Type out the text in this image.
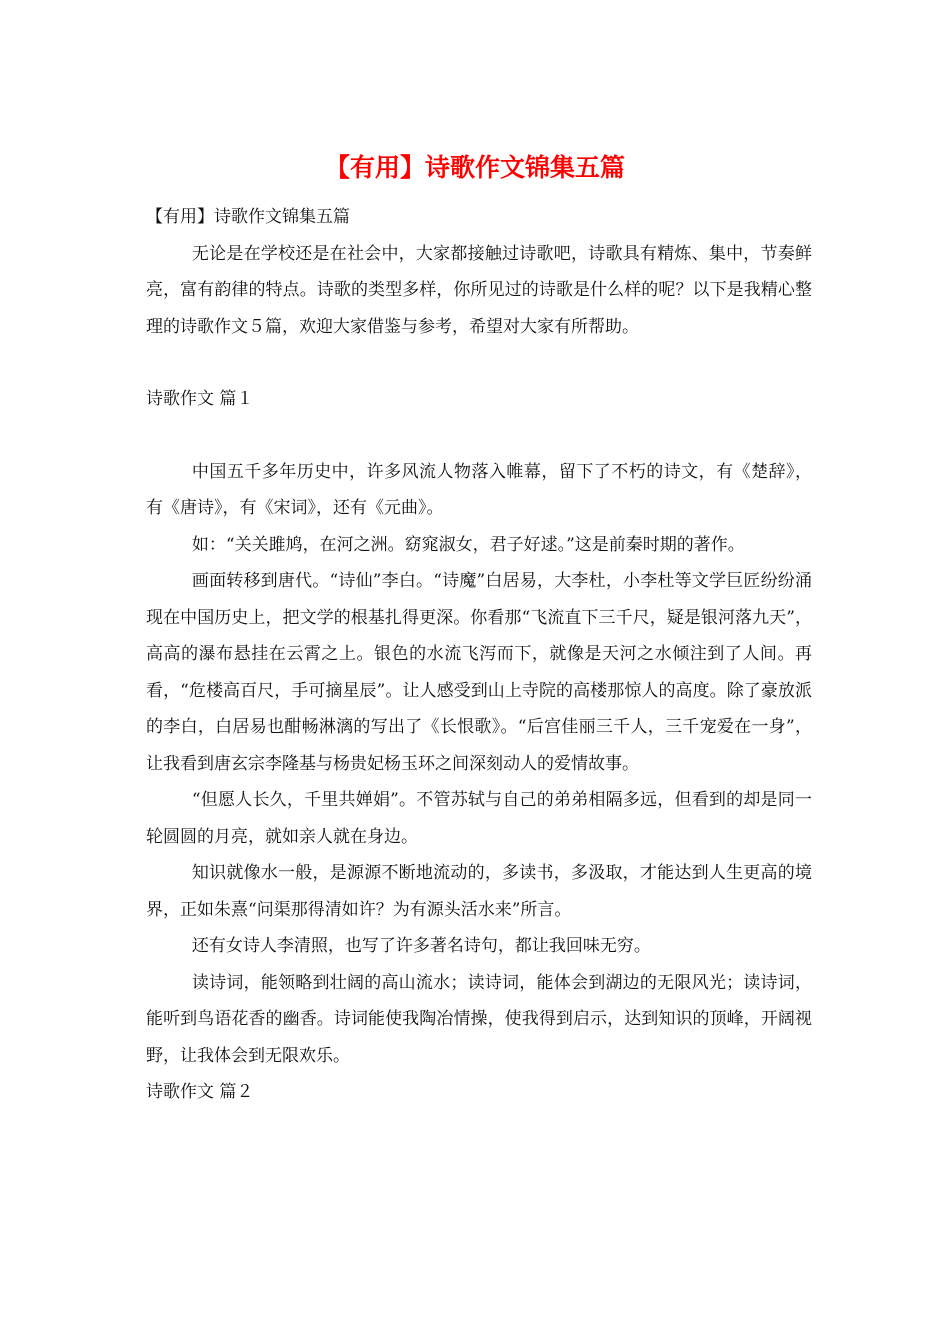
【有用】诗歌作文锦集五篇

【有用】诗歌作文锦集五篇

无论是在学校还是在社会中，大家都接触过诗歌吧，诗歌具有精炼、集中，节奏鲜亮，富有韵律的特点。诗歌的类型多样，你所见过的诗歌是什么样的呢？以下是我精心整理的诗歌作文５篇，欢迎大家借鉴与参考，希望对大家有所帮助。

诗歌作文 篇１

中国五千多年历史中，许多风流人物落入帷幕，留下了不朽的诗文，有《楚辞》，有《唐诗》，有《宋词》，还有《元曲》。

如：“关关雎鸠，在河之洲。窈窕淑女，君子好逑。”这是前秦时期的著作。

画面转移到唐代。“诗仙”李白。“诗魔”白居易，大李杜，小李杜等文学巨匠纷纷涌现在中国历史上，把文学的根基扎得更深。你看那“飞流直下三千尺，疑是银河落九天”，高高的瀑布悬挂在云霄之上。银色的水流飞泻而下，就像是天河之水倾注到了人间。再看，“危楼高百尺，手可摘星辰”。让人感受到山上寺院的高楼那惊人的高度。除了豪放派的李白，白居易也酣畅淋漓的写出了《长恨歌》。“后宫佳丽三千人，三千宠爱在一身”，让我看到唐玄宗李隆基与杨贵妃杨玉环之间深刻动人的爱情故事。

“但愿人长久，千里共婵娟”。不管苏轼与自己的弟弟相隔多远，但看到的却是同一轮圆圆的月亮，就如亲人就在身边。

知识就像水一般，是源源不断地流动的，多读书，多汲取，才能达到人生更高的境界，正如朱熹“问渠那得清如许？为有源头活水来”所言。

还有女诗人李清照，也写了许多著名诗句，都让我回味无穷。

读诗词，能领略到壮阔的高山流水；读诗词，能体会到湖边的无限风光；读诗词，能听到鸟语花香的幽香。诗词能使我陶冶情操，使我得到启示，达到知识的顶峰，开阔视野，让我体会到无限欢乐。

诗歌作文 篇２
